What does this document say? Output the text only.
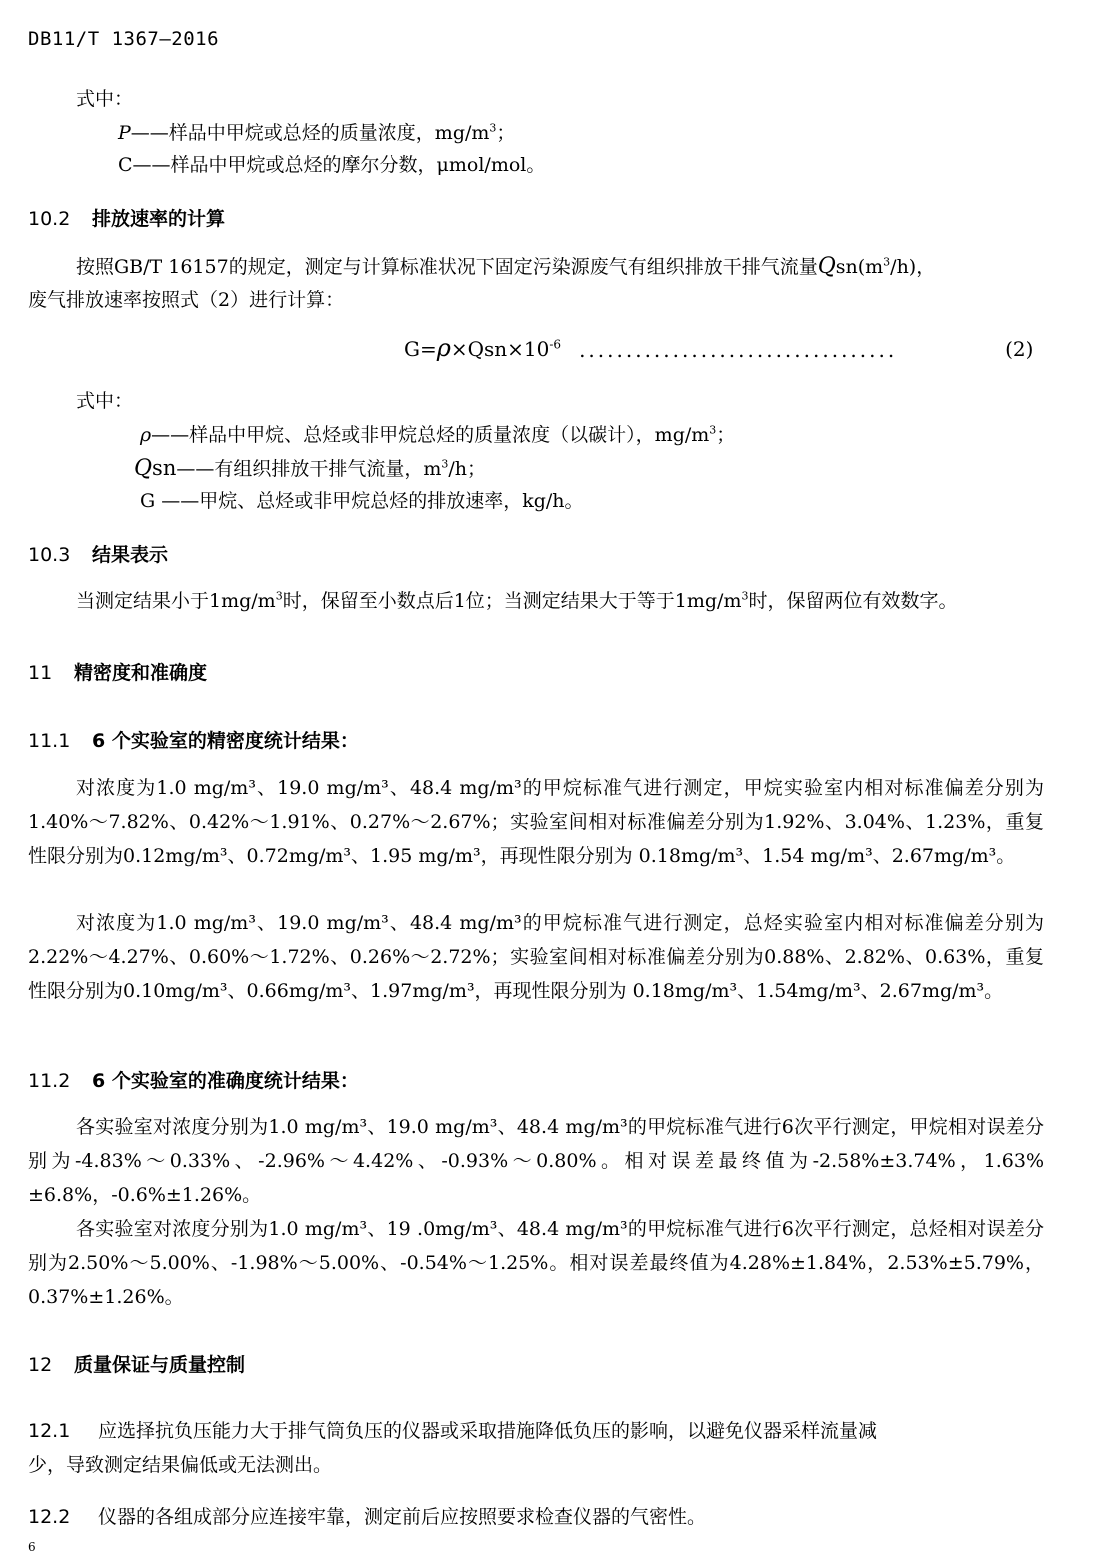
DB11/T 1367—2016
式中：
P——样品中甲烷或总烃的质量浓度，$mg/m^3$；
C——样品中甲烷或总烃的摩尔分数，μmol/mol。
10.2 排放速率的计算
按照GB/T 16157的规定，测定与计算标准状况下固定污染源废气有组织排放干排气流量$Qsn(m^3/h)$，
废气排放速率按照式（2）进行计算：
$G=\rho\times Qsn\times 10^{-6}$ ..................................	(2)
式中：
ρ——样品中甲烷、总烃或非甲烷总烃的质量浓度（以碳计），$mg/m^3$；
Qsn——有组织排放干排气流量，$m^3/h$；
G ——甲烷、总烃或非甲烷总烃的排放速率，kg/h。
10.3 结果表示
当测定结果小于$1mg/m^3$时，保留至小数点后1位；当测定结果大于等于$1mg/m^3$时，保留两位有效数字。
11 精密度和准确度
11.1 6 个实验室的精密度统计结果：
对浓度为1.0 mg/m³、19.0 mg/m³、48.4 mg/m³的甲烷标准气进行测定，甲烷实验室内相对标准偏差分别为1.40%～7.82%、0.42%～1.91%、0.27%～2.67%；实验室间相对标准偏差分别为1.92%、3.04%、1.23%，重复性限分别为0.12mg/m³、0.72mg/m³、1.95 mg/m³，再现性限分别为 0.18mg/m³、1.54 mg/m³、2.67mg/m³。
对浓度为1.0 mg/m³、19.0 mg/m³、48.4 mg/m³的甲烷标准气进行测定，总烃实验室内相对标准偏差分别为2.22%～4.27%、0.60%～1.72%、0.26%～2.72%；实验室间相对标准偏差分别为0.88%、2.82%、0.63%，重复性限分别为0.10mg/m³、0.66mg/m³、1.97mg/m³，再现性限分别为 0.18mg/m³、1.54mg/m³、2.67mg/m³。
11.2 6 个实验室的准确度统计结果：
各实验室对浓度分别为1.0 mg/m³、19.0 mg/m³、48.4 mg/m³的甲烷标准气进行6次平行测定，甲烷相对误差分别为-4.83%～0.33%、-2.96%～4.42%、-0.93%～0.80%。相对误差最终值为-2.58%±3.74%，1.63%±6.8%，-0.6%±1.26%。
各实验室对浓度分别为1.0 mg/m³、19 .0mg/m³、48.4 mg/m³的甲烷标准气进行6次平行测定，总烃相对误差分别为2.50%～5.00%、-1.98%～5.00%、-0.54%～1.25%。相对误差最终值为4.28%±1.84%，2.53%±5.79%，0.37%±1.26%。
12 质量保证与质量控制
12.1 应选择抗负压能力大于排气筒负压的仪器或采取措施降低负压的影响，以避免仪器采样流量减
少，导致测定结果偏低或无法测出。
12.2 仪器的各组成部分应连接牢靠，测定前后应按照要求检查仪器的气密性。
6
